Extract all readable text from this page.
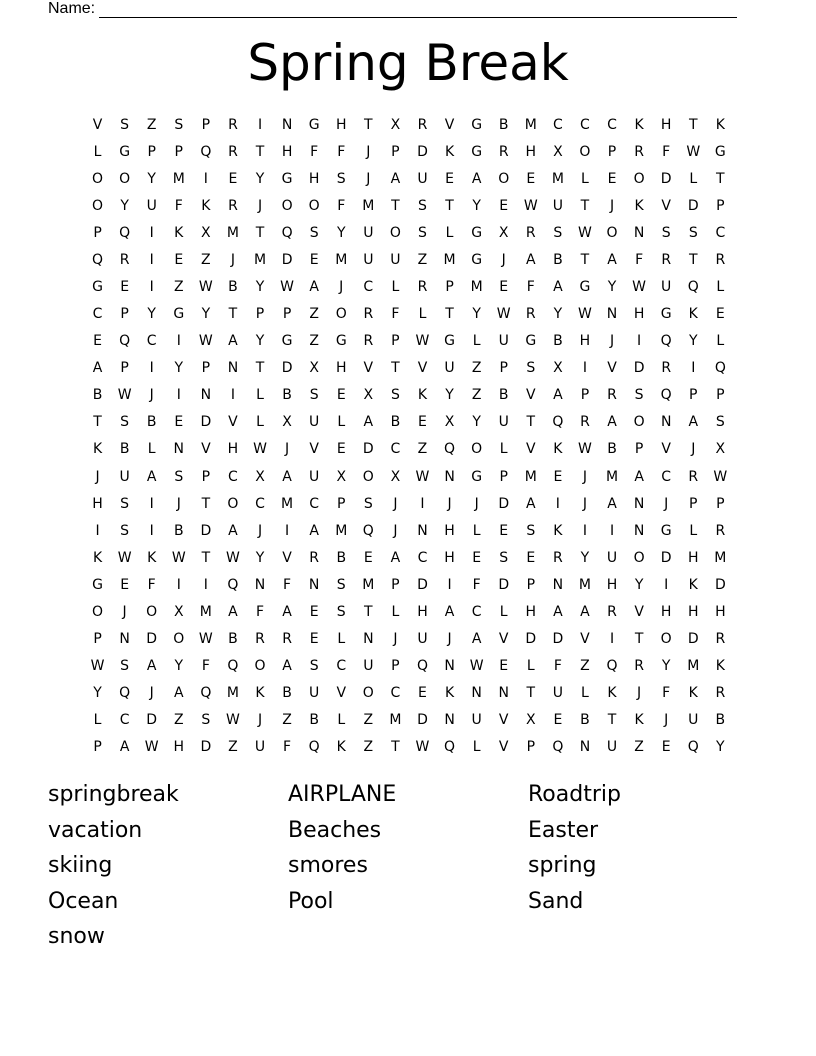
Name:
Spring Break
V	S	Z	S	P	R	I	N	G	H	T	X	R	V	G	B	M	C	C	C	K	H	T	K
L	G	P	P	Q	R	T	H	F	F	J	P	D	K	G	R	H	X	O	P	R	F	W	G
O	O	Y	M	I	E	Y	G	H	S	J	A	U	E	A	O	E	M	L	E	O	D	L	T
O	Y	U	F	K	R	J	O	O	F	M	T	S	T	Y	E	W	U	T	J	K	V	D	P
P	Q	I	K	X	M	T	Q	S	Y	U	O	S	L	G	X	R	S	W	O	N	S	S	C
Q	R	I	E	Z	J	M	D	E	M	U	U	Z	M	G	J	A	B	T	A	F	R	T	R
G	E	I	Z	W	B	Y	W	A	J	C	L	R	P	M	E	F	A	G	Y	W	U	Q	L
C	P	Y	G	Y	T	P	P	Z	O	R	F	L	T	Y	W	R	Y	W	N	H	G	K	E
E	Q	C	I	W	A	Y	G	Z	G	R	P	W	G	L	U	G	B	H	J	I	Q	Y	L
A	P	I	Y	P	N	T	D	X	H	V	T	V	U	Z	P	S	X	I	V	D	R	I	Q
B	W	J	I	N	I	L	B	S	E	X	S	K	Y	Z	B	V	A	P	R	S	Q	P	P
T	S	B	E	D	V	L	X	U	L	A	B	E	X	Y	U	T	Q	R	A	O	N	A	S
K	B	L	N	V	H	W	J	V	E	D	C	Z	Q	O	L	V	K	W	B	P	V	J	X
J	U	A	S	P	C	X	A	U	X	O	X	W	N	G	P	M	E	J	M	A	C	R	W
H	S	I	J	T	O	C	M	C	P	S	J	I	J	J	D	A	I	J	A	N	J	P	P
I	S	I	B	D	A	J	I	A	M	Q	J	N	H	L	E	S	K	I	I	N	G	L	R
K	W	K	W	T	W	Y	V	R	B	E	A	C	H	E	S	E	R	Y	U	O	D	H	M
G	E	F	I	I	Q	N	F	N	S	M	P	D	I	F	D	P	N	M	H	Y	I	K	D
O	J	O	X	M	A	F	A	E	S	T	L	H	A	C	L	H	A	A	R	V	H	H	H
P	N	D	O	W	B	R	R	E	L	N	J	U	J	A	V	D	D	V	I	T	O	D	R
W	S	A	Y	F	Q	O	A	S	C	U	P	Q	N	W	E	L	F	Z	Q	R	Y	M	K
Y	Q	J	A	Q	M	K	B	U	V	O	C	E	K	N	N	T	U	L	K	J	F	K	R
L	C	D	Z	S	W	J	Z	B	L	Z	M	D	N	U	V	X	E	B	T	K	J	U	B
P	A	W	H	D	Z	U	F	Q	K	Z	T	W	Q	L	V	P	Q	N	U	Z	E	Q	Y
springbreak	AIRPLANE	Roadtrip
vacation	Beaches	Easter
skiing	smores	spring
Ocean	Pool	Sand
snow
